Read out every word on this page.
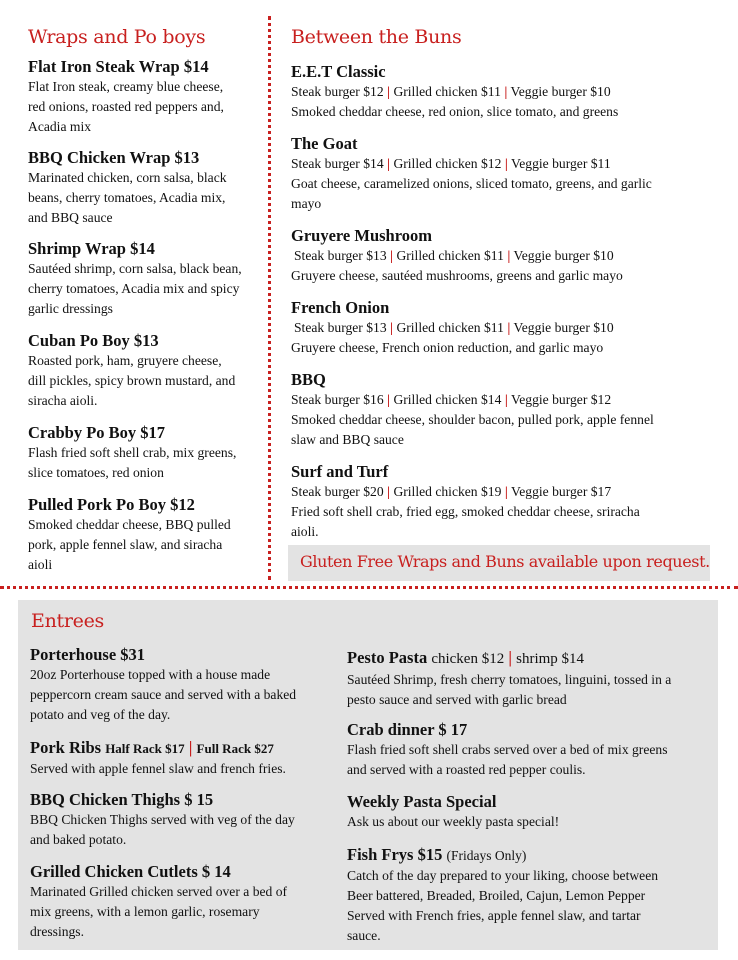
Wraps and Po boys
Flat Iron Steak Wrap $14

Flat Iron steak, creamy blue cheese,

red onions, roasted red peppers and,

Acadia mix

BBQ Chicken Wrap $13

Marinated chicken, corn salsa, black

beans, cherry tomatoes, Acadia mix,

and BBQ sauce

Shrimp Wrap $14

Sautéed shrimp, corn salsa, black bean,

cherry tomatoes, Acadia mix and spicy

garlic dressings

Cuban Po Boy $13

Roasted pork, ham, gruyere cheese,

dill pickles, spicy brown mustard, and

siracha aioli.

Crabby Po Boy $17

Flash fried soft shell crab, mix greens,

slice tomatoes, red onion

Pulled Pork Po Boy $12

Smoked cheddar cheese, BBQ pulled

pork, apple fennel slaw, and siracha

aioli

Between the Buns
E.E.T Classic

Steak burger $12 | Grilled chicken $11 | Veggie burger $10

Smoked cheddar cheese, red onion, slice tomato, and greens

The Goat

Steak burger $14 | Grilled chicken $12 | Veggie burger $11

Goat cheese, caramelized onions, sliced tomato, greens, and garlic

mayo

Gruyere Mushroom

Steak burger $13 | Grilled chicken $11 | Veggie burger $10

Gruyere cheese, sautéed mushrooms, greens and garlic mayo

French Onion

Steak burger $13 | Grilled chicken $11 | Veggie burger $10

Gruyere cheese, French onion reduction, and garlic mayo

BBQ

Steak burger $16 | Grilled chicken $14 | Veggie burger $12

Smoked cheddar cheese, shoulder bacon, pulled pork, apple fennel

slaw and BBQ sauce

Surf and Turf

Steak burger $20 | Grilled chicken $19 | Veggie burger $17

Fried soft shell crab, fried egg, smoked cheddar cheese, sriracha

aioli.

Gluten Free Wraps and Buns available upon request.
Entrees
Porterhouse $31

20oz Porterhouse topped with a house made

peppercorn cream sauce and served with a baked

potato and veg of the day.

Pork Ribs Half Rack $17 | Full Rack $27

Served with apple fennel slaw and french fries.

BBQ Chicken Thighs $ 15

BBQ Chicken Thighs served with veg of the day

and baked potato.

Grilled Chicken Cutlets $ 14

Marinated Grilled chicken served over a bed of

mix greens, with a lemon garlic, rosemary

dressings.

Pesto Pasta chicken $12 | shrimp $14

Sautéed Shrimp, fresh cherry tomatoes, linguini, tossed in a

pesto sauce and served with garlic bread

Crab dinner $ 17

Flash fried soft shell crabs served over a bed of mix greens

and served with a roasted red pepper coulis.

Weekly Pasta Special

Ask us about our weekly pasta special!

Fish Frys $15 (Fridays Only)

Catch of the day prepared to your liking, choose between

Beer battered, Breaded, Broiled, Cajun, Lemon Pepper

Served with French fries, apple fennel slaw, and tartar

sauce.
